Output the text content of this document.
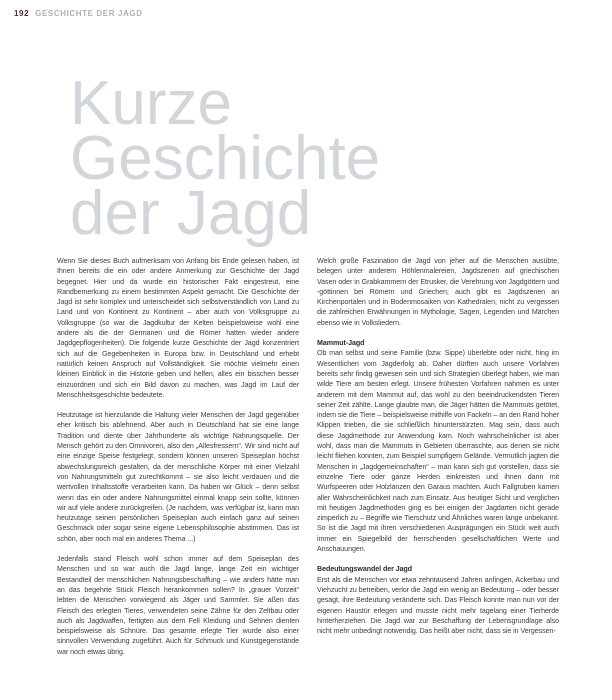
192 GESCHICHTE DER JAGD
Kurze
Geschichte
der Jagd

Wenn Sie dieses Buch aufmerksam von Anfang bis Ende gelesen haben, ist Ihnen bereits die ein oder andere Anmerkung zur Geschichte der Jagd begegnet. Hier und da wurde ein historischer Fakt eingestreut, eine Randbemerkung zu einem bestimmten Aspekt gemacht. Die Geschichte der Jagd ist sehr komplex und unterscheidet sich selbstverständlich von Land zu Land und von Kontinent zu Kontinent – aber auch von Volksgruppe zu Volksgruppe (so war die Jagdkultur der Kelten beispielsweise wohl eine andere als die der Germanen und die Römer hatten wieder andere Jagdgepflogenheiten). Die folgende kurze Geschichte der Jagd konzentriert sich auf die Gegebenheiten in Europa bzw. in Deutschland und erhebt natürlich keinen Anspruch auf Vollständigkeit. Sie möchte vielmehr einen kleinen Einblick in die Historie geben und helfen, alles ein bisschen besser einzuordnen und sich ein Bild davon zu machen, was Jagd im Lauf der Menschheitsgeschichte bedeutete.

Heutzutage ist hierzulande die Haltung vieler Menschen der Jagd gegenüber eher kritisch bis ablehnend. Aber auch in Deutschland hat sie eine lange Tradition und diente über Jahrhunderte als wichtige Nahrungsquelle. Der Mensch gehört zu den Omnivoren, also den „Allesfressern“. Wir sind nicht auf eine einzige Speise festgelegt, sondern können unseren Speiseplan höchst abwechslungsreich gestalten, da der menschliche Körper mit einer Vielzahl von Nahrungsmitteln gut zurechtkommt – sie also leicht verdauen und die wertvollen Inhaltsstoffe verarbeiten kann. Da haben wir Glück – denn selbst wenn das ein oder andere Nahrungsmittel einmal knapp sein sollte, können wir auf viele andere zurückgreifen. (Je nachdem, was verfügbar ist, kann man heutzutage seinen persönlichen Speiseplan auch einfach ganz auf seinen Geschmack oder sogar seine eigene Lebensphilosophie abstimmen. Das ist schön, aber noch mal ein anderes Thema ...)

Jedenfalls stand Fleisch wohl schon immer auf dem Speiseplan des Menschen und so war auch die Jagd lange, lange Zeit ein wichtiger Bestandteil der menschlichen Nahrungsbeschaffung – wie anders hätte man an das begehrte Stück Fleisch herankommen sollen? In „grauer Vorzeit“ lebten die Menschen vorwiegend als Jäger und Sammler. Sie aßen das Fleisch des erlegten Tieres, verwendeten seine Zähne für den Zeltbau oder auch als Jagdwaffen, fertigten aus dem Fell Kleidung und Sehnen dienten beispielsweise als Schnüre. Das gesamte erlegte Tier wurde also einer sinnvollen Verwendung zugeführt. Auch für Schmuck und Kunstgegenstände war noch etwas übrig.

Welch große Faszination die Jagd von jeher auf die Menschen ausübte, belegen unter anderem Höhlenmalereien, Jagdszenen auf griechischen Vasen oder in Grabkammern der Etrusker, die Verehrung von Jagdgöttern und -göttinnen bei Römern und Griechen; auch gibt es Jagdszenen an Kirchenportalen und in Bodenmosaiken von Kathedralen, nicht zu vergessen die zahlreichen Erwähnungen in Mythologie, Sagen, Legenden und Märchen ebenso wie in Volksliedern.

Mammut-Jagd

Ob man selbst und seine Familie (bzw. Sippe) überlebte oder nicht, hing im Wesentlichen vom Jagderfolg ab. Daher dürften auch unsere Vorfahren bereits sehr findig gewesen sein und sich Strategien überlegt haben, wie man wilde Tiere am besten erlegt. Unsere frühesten Vorfahren nahmen es unter anderem mit dem Mammut auf, das wohl zu den beeindruckendsten Tieren seiner Zeit zählte. Lange glaubte man, die Jäger hätten die Mammuts getötet, indem sie die Tiere – beispielsweise mithilfe von Fackeln – an den Rand hoher Klippen trieben, die sie schließlich hinunterstürzten. Mag sein, dass auch diese Jagdmethode zur Anwendung kam. Noch wahrscheinlicher ist aber wohl, dass man die Mammuts in Gebieten überraschte, aus denen sie nicht leicht fliehen konnten, zum Beispiel sumpfigem Gelände. Vermutlich jagten die Menschen in „Jagdgemeinschaften“ – man kann sich gut vorstellen, dass sie einzelne Tiere oder ganze Herden einkreisten und ihnen dann mit Wurfspeeren oder Holzlanzen den Garaus machten. Auch Fallgruben kamen aller Wahrscheinlichkeit nach zum Einsatz. Aus heutiger Sicht und verglichen mit heutigen Jagdmethoden ging es bei einigen der Jagdarten nicht gerade zimperlich zu – Begriffe wie Tierschutz und Ähnliches waren lange unbekannt. So ist die Jagd mit ihren verschiedenen Ausprägungen ein Stück weit auch immer ein Spiegelbild der herrschenden gesellschaftlichen Werte und Anschauungen.

Bedeutungswandel der Jagd

Erst als die Menschen vor etwa zehntausend Jahren anfingen, Ackerbau und Viehzucht zu betreiben, verlor die Jagd ein wenig an Bedeutung – oder besser gesagt, ihre Bedeutung veränderte sich. Das Fleisch konnte man nun vor der eigenen Haustür erlegen und musste nicht mehr tagelang einer Tierherde hinterherziehen. Die Jagd war zur Beschaffung der Lebensgrundlage also nicht mehr unbedingt notwendig. Das heißt aber nicht, dass sie in Vergessen-
